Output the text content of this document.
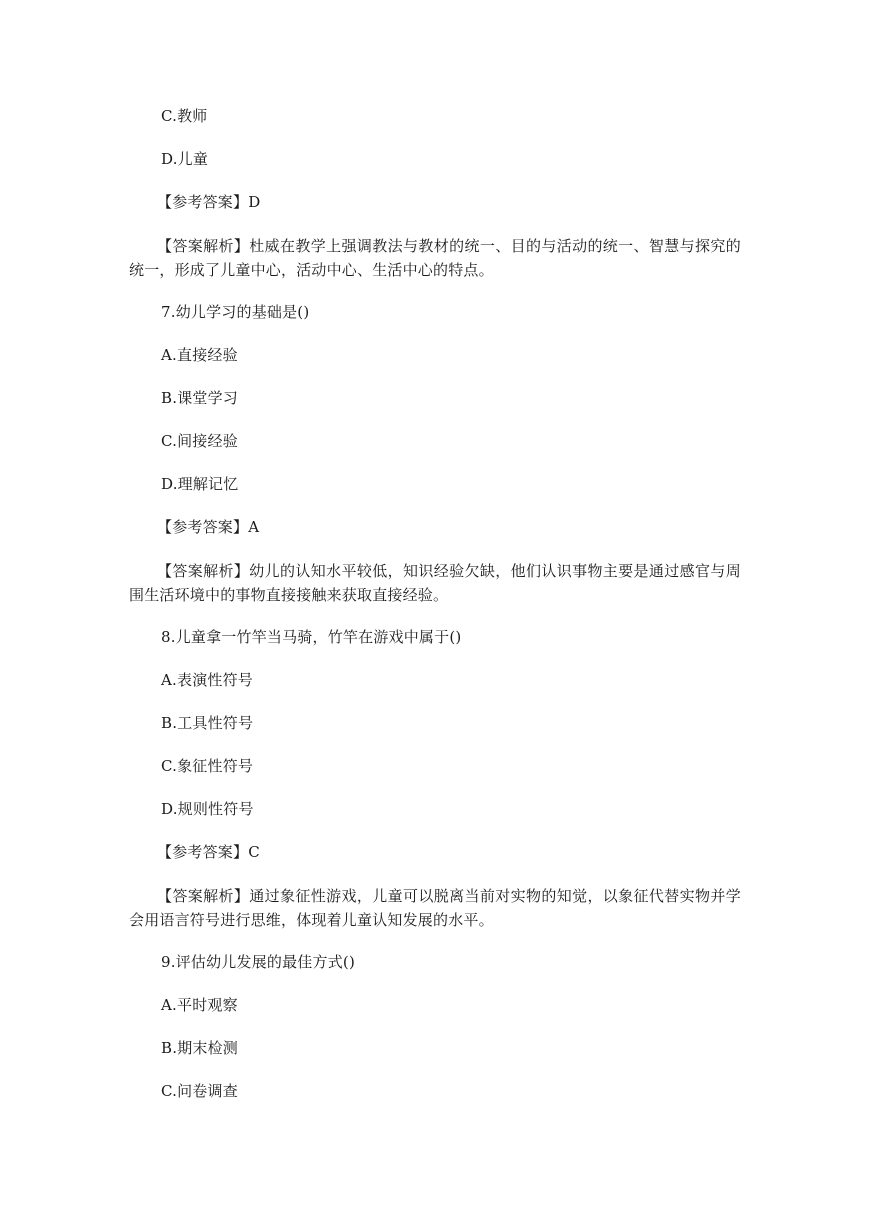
C.教师
D.儿童
【参考答案】D
【答案解析】杜威在教学上强调教法与教材的统一、目的与活动的统一、智慧与探究的统一，形成了儿童中心，活动中心、生活中心的特点。
7.幼儿学习的基础是()
A.直接经验
B.课堂学习
C.间接经验
D.理解记忆
【参考答案】A
【答案解析】幼儿的认知水平较低，知识经验欠缺，他们认识事物主要是通过感官与周围生活环境中的事物直接接触来获取直接经验。
8.儿童拿一竹竿当马骑，竹竿在游戏中属于()
A.表演性符号
B.工具性符号
C.象征性符号
D.规则性符号
【参考答案】C
【答案解析】通过象征性游戏，儿童可以脱离当前对实物的知觉，以象征代替实物并学会用语言符号进行思维，体现着儿童认知发展的水平。
9.评估幼儿发展的最佳方式()
A.平时观察
B.期末检测
C.问卷调查
